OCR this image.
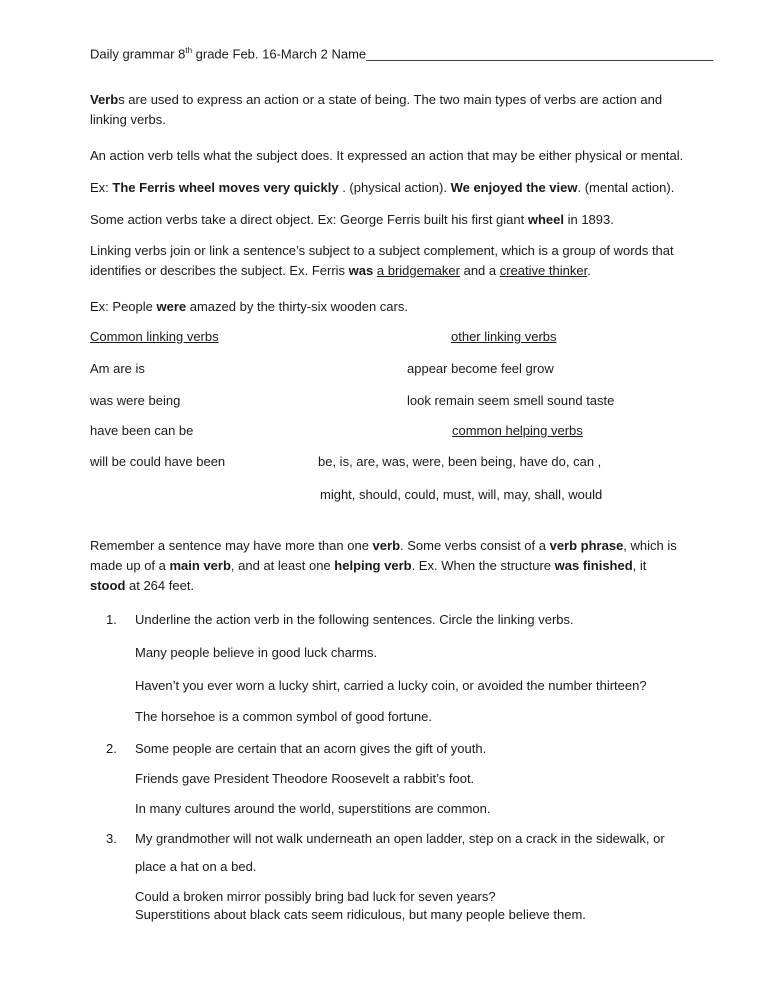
Daily grammar 8th grade Feb. 16-March 2 Name________________________________________________
Verbs are used to express an action or a state of being. The two main types of verbs are action and linking verbs.
An action verb tells what the subject does. It expressed an action that may be either physical or mental.
Ex: The Ferris wheel moves very quickly . (physical action). We enjoyed the view. (mental action).
Some action verbs take a direct object. Ex: George Ferris built his first giant wheel in 1893.
Linking verbs join or link a sentence’s subject to a subject complement, which is a group of words that identifies or describes the subject. Ex. Ferris was a bridgemaker and a creative thinker.
Ex: People were amazed by the thirty-six wooden cars.
Common linking verbs	other linking verbs
Am are is	appear become feel grow
was were being	look remain seem smell sound taste
have been can be	common helping verbs
will be could have been	be, is, are, was, were, been being, have do, can ,
might, should, could, must, will, may, shall, would
Remember a sentence may have more than one verb. Some verbs consist of a verb phrase, which is made up of a main verb, and at least one helping verb. Ex. When the structure was finished, it stood at 264 feet.
1. Underline the action verb in the following sentences. Circle the linking verbs.
Many people believe in good luck charms.
Haven’t you ever worn a lucky shirt, carried a lucky coin, or avoided the number thirteen?
The horsehoe is a common symbol of good fortune.
2. Some people are certain that an acorn gives the gift of youth.
Friends gave President Theodore Roosevelt a rabbit’s foot.
In many cultures around the world, superstitions are common.
3. My grandmother will not walk underneath an open ladder, step on a crack in the sidewalk, or
place a hat on a bed.
Could a broken mirror possibly bring bad luck for seven years?
Superstitions about black cats seem ridiculous, but many people believe them.
